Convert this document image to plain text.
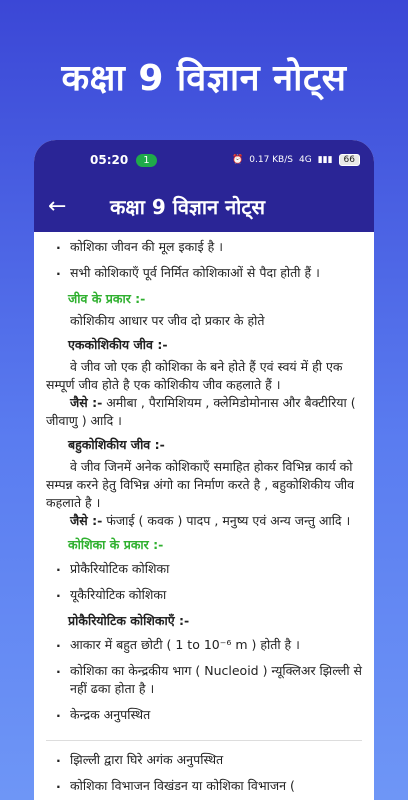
कक्षा 9 विज्ञान नोट्स
05:20	1	⏰ 0.17 KB/S 4G ▮▮▮	66
←	कक्षा 9 विज्ञान नोट्स
. कोशिका जीवन की मूल इकाई है ।
. सभी कोशिकाएँ पूर्व निर्मित कोशिकाओं से पैदा होती हैं ।
जीव के प्रकार :-

कोशिकीय आधार पर जीव दो प्रकार के होते

एककोशिकीय जीव :-

वे जीव जो एक ही कोशिका के बने होते हैं एवं स्वयं में ही एक सम्पूर्ण जीव होते है एक कोशिकीय जीव कहलाते हैं ।

जैसे :- अमीबा , पैरामिशियम , क्लेमिडोमोनास और बैक्टीरिया ( जीवाणु ) आदि ।

बहुकोशिकीय जीव :-

वे जीव जिनमें अनेक कोशिकाएँ समाहित होकर विभिन्न कार्य को सम्पन्न करने हेतु विभिन्न अंगो का निर्माण करते है , बहुकोशिकीय जीव कहलाते है ।

जैसे :- फंजाई ( कवक ) पादप , मनुष्य एवं अन्य जन्तु आदि ।

कोशिका के प्रकार :-
. प्रोकैरियोटिक कोशिका
. यूकैरियोटिक कोशिका
प्रोकैरियोटिक कोशिकाएँ :-
. आकार में बहुत छोटी ( 1 to 10⁻⁶ m ) होती है ।
. कोशिका का केन्द्रकीय भाग ( Nucleoid ) न्यूक्लिअर झिल्ली से नहीं ढका होता है ।
. केन्द्रक अनुपस्थित
. झिल्ली द्वारा घिरे अगंक अनुपस्थित
. कोशिका विभाजन विखंडन या कोशिका विभाजन (
